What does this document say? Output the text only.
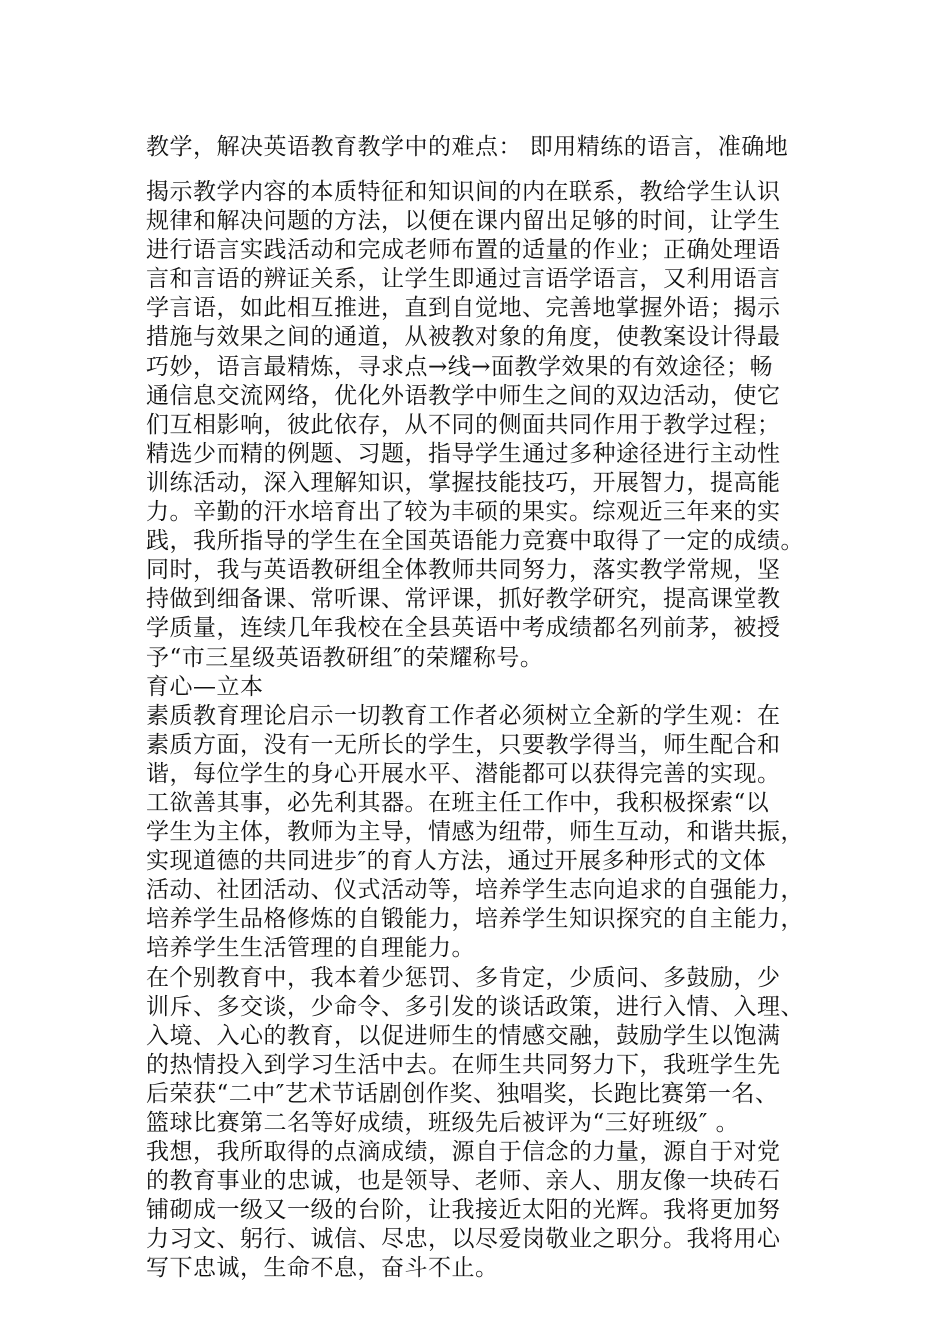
教学，解决英语教育教学中的难点： 即用精练的语言，准确地
揭示教学内容的本质特征和知识间的内在联系，教给学生认识
规律和解决问题的方法，以便在课内留出足够的时间，让学生
进行语言实践活动和完成老师布置的适量的作业；正确处理语
言和言语的辨证关系，让学生即通过言语学语言，又利用语言
学言语，如此相互推进，直到自觉地、完善地掌握外语；揭示
措施与效果之间的通道，从被教对象的角度，使教案设计得最
巧妙，语言最精炼，寻求点→线→面教学效果的有效途径；畅
通信息交流网络，优化外语教学中师生之间的双边活动，使它
们互相影响，彼此依存，从不同的侧面共同作用于教学过程；
精选少而精的例题、习题，指导学生通过多种途径进行主动性
训练活动，深入理解知识，掌握技能技巧，开展智力，提高能
力。辛勤的汗水培育出了较为丰硕的果实。综观近三年来的实
践，我所指导的学生在全国英语能力竞赛中取得了一定的成绩。
同时，我与英语教研组全体教师共同努力，落实教学常规，坚
持做到细备课、常听课、常评课，抓好教学研究，提高课堂教
学质量，连续几年我校在全县英语中考成绩都名列前茅，被授
予“市三星级英语教研组″的荣耀称号。
育心—立本
素质教育理论启示一切教育工作者必须树立全新的学生观：在
素质方面，没有一无所长的学生，只要教学得当，师生配合和
谐，每位学生的身心开展水平、潜能都可以获得完善的实现。
工欲善其事，必先利其器。在班主任工作中，我积极探索“以
学生为主体，教师为主导，情感为纽带，师生互动，和谐共振，
实现道德的共同进步″的育人方法，通过开展多种形式的文体
活动、社团活动、仪式活动等，培养学生志向追求的自强能力，
培养学生品格修炼的自锻能力，培养学生知识探究的自主能力，
培养学生生活管理的自理能力。
在个别教育中，我本着少惩罚、多肯定，少质问、多鼓励，少
训斥、多交谈，少命令、多引发的谈话政策，进行入情、入理、
入境、入心的教育，以促进师生的情感交融，鼓励学生以饱满
的热情投入到学习生活中去。在师生共同努力下，我班学生先
后荣获“二中″艺术节话剧创作奖、独唱奖，长跑比赛第一名、
篮球比赛第二名等好成绩，班级先后被评为“三好班级″ 。
我想，我所取得的点滴成绩，源自于信念的力量，源自于对党
的教育事业的忠诚，也是领导、老师、亲人、朋友像一块砖石
铺砌成一级又一级的台阶，让我接近太阳的光辉。我将更加努
力习文、躬行、诚信、尽忠，以尽爱岗敬业之职分。我将用心
写下忠诚，生命不息，奋斗不止。
